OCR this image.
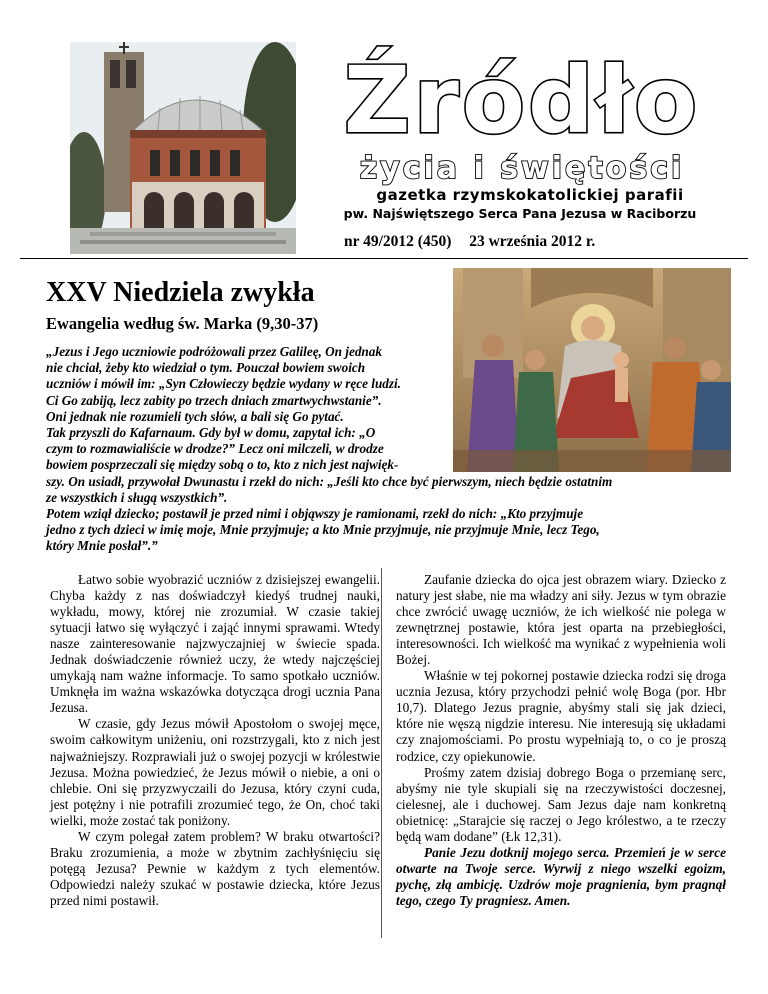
Źródło
życia i świętości
gazetka rzymskokatolickiej parafii
pw. Najświętszego Serca Pana Jezusa w Raciborzu
nr 49/2012 (450) 23 września 2012 r.
XXV Niedziela zwykła
Ewangelia według św. Marka (9,30-37)
„Jezus i Jego uczniowie podróżowali przez Galileę, On jednak
nie chciał, żeby kto wiedział o tym. Pouczał bowiem swoich
uczniów i mówił im: „Syn Człowieczy będzie wydany w ręce ludzi.
Ci Go zabiją, lecz zabity po trzech dniach zmartwychwstanie”.
Oni jednak nie rozumieli tych słów, a bali się Go pytać.
Tak przyszli do Kafarnaum. Gdy był w domu, zapytał ich: „O
czym to rozmawialiście w drodze?” Lecz oni milczeli, w drodze
bowiem posprzeczali się między sobą o to, kto z nich jest najwięk-
szy. On usiadł, przywołał Dwunastu i rzekł do nich: „Jeśli kto chce być pierwszym, niech będzie ostatnim
ze wszystkich i sługą wszystkich”.
Potem wziął dziecko; postawił je przed nimi i objąwszy je ramionami, rzekł do nich: „Kto przyjmuje
jedno z tych dzieci w imię moje, Mnie przyjmuje; a kto Mnie przyjmuje, nie przyjmuje Mnie, lecz Tego,
który Mnie posłał”.”

Łatwo sobie wyobrazić uczniów z dzisiejszej ewangelii. Chyba każdy z nas doświadczył kiedyś trudnej nauki, wykładu, mowy, której nie zrozumiał. W czasie takiej sytuacji łatwo się wyłączyć i zająć innymi sprawami. Wtedy nasze zainteresowanie najzwyczajniej w świecie spada. Jednak doświadczenie również uczy, że wtedy najczęściej umykają nam ważne informacje. To samo spotkało uczniów. Umknęła im ważna wskazówka dotycząca drogi ucznia Pana Jezusa.

W czasie, gdy Jezus mówił Apostołom o swojej męce, swoim całkowitym uniżeniu, oni rozstrzygali, kto z nich jest najważniejszy. Rozprawiali już o swojej pozycji w królestwie Jezusa. Można powiedzieć, że Jezus mówił o niebie, a oni o chlebie. Oni się przyzwyczaili do Jezusa, który czyni cuda, jest potężny i nie potrafili zrozumieć tego, że On, choć taki wielki, może zostać tak poniżony.

W czym polegał zatem problem? W braku otwartości? Braku zrozumienia, a może w zbytnim zachłyśnięciu się potęgą Jezusa? Pewnie w każdym z tych elementów. Odpowiedzi należy szukać w postawie dziecka, które Jezus przed nimi postawił.

Zaufanie dziecka do ojca jest obrazem wiary. Dziecko z natury jest słabe, nie ma władzy ani siły. Jezus w tym obrazie chce zwrócić uwagę uczniów, że ich wielkość nie polega w zewnętrznej postawie, która jest oparta na przebiegłości, interesowności. Ich wielkość ma wynikać z wypełnienia woli Bożej.

Właśnie w tej pokornej postawie dziecka rodzi się droga ucznia Jezusa, który przychodzi pełnić wolę Boga (por. Hbr 10,7). Dlatego Jezus pragnie, abyśmy stali się jak dzieci, które nie węszą nigdzie interesu. Nie interesują się układami czy znajomościami. Po prostu wypełniają to, o co je proszą rodzice, czy opiekunowie.

Prośmy zatem dzisiaj dobrego Boga o przemianę serc, abyśmy nie tyle skupiali się na rzeczywistości doczesnej, cielesnej, ale i duchowej. Sam Jezus daje nam konkretną obietnicę: „Starajcie się raczej o Jego królestwo, a te rzeczy będą wam dodane” (Łk 12,31).

Panie Jezu dotknij mojego serca. Przemień je w serce otwarte na Twoje serce. Wyrwij z niego wszelki egoizm, pychę, złą ambicję. Uzdrów moje pragnienia, bym pragnął tego, czego Ty pragniesz. Amen.
